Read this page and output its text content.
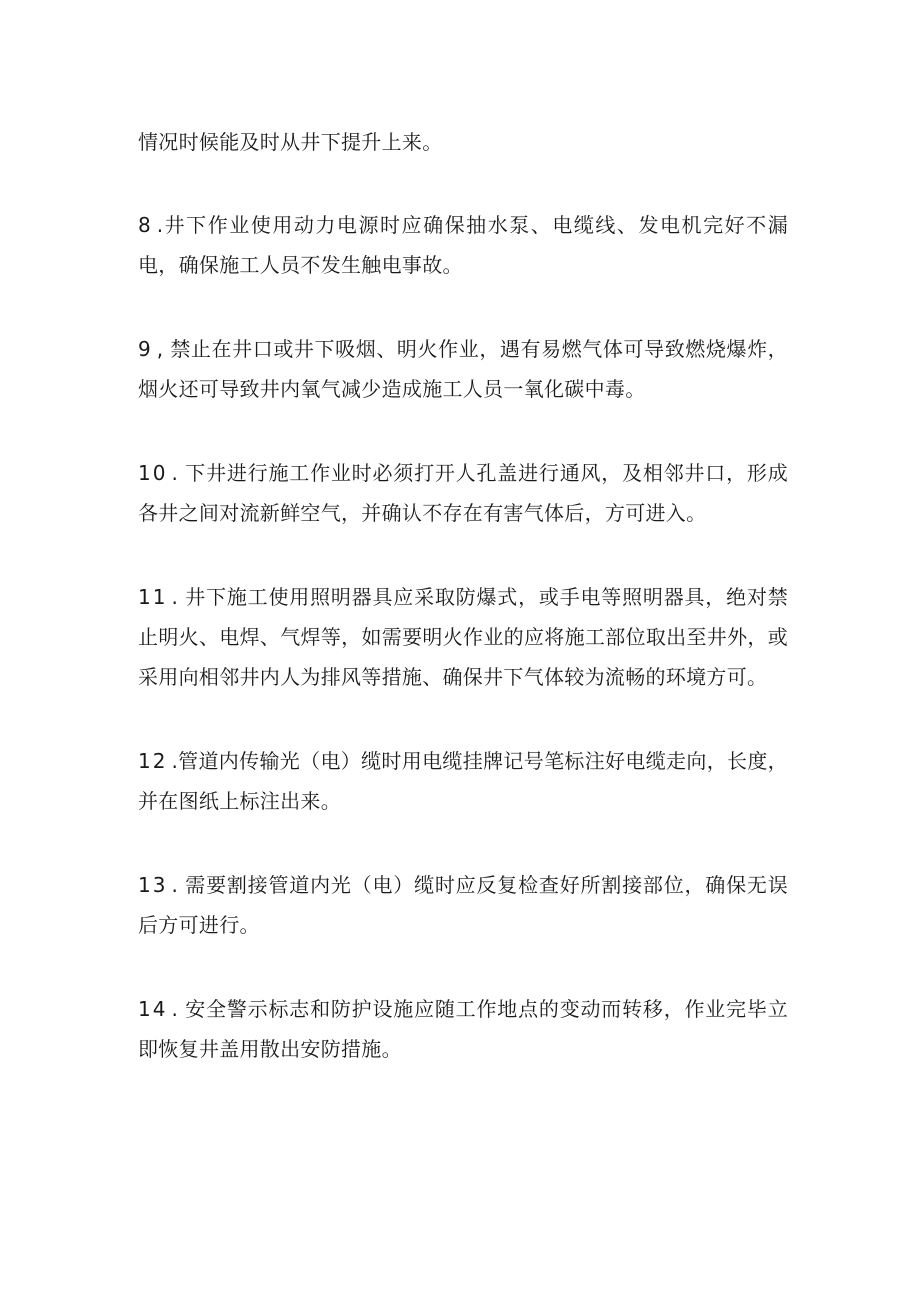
情况时候能及时从井下提升上来。

8 .井下作业使用动力电源时应确保抽水泵、电缆线、发电机完好不漏电，确保施工人员不发生触电事故。

9 , 禁止在井口或井下吸烟、明火作业，遇有易燃气体可导致燃烧爆炸，烟火还可导致井内氧气减少造成施工人员一氧化碳中毒。

10 . 下井进行施工作业时必须打开人孔盖进行通风，及相邻井口，形成各井之间对流新鲜空气，并确认不存在有害气体后，方可进入。

11 . 井下施工使用照明器具应采取防爆式，或手电等照明器具，绝对禁止明火、电焊、气焊等，如需要明火作业的应将施工部位取出至井外，或采用向相邻井内人为排风等措施、确保井下气体较为流畅的环境方可。

12 .管道内传输光（电）缆时用电缆挂牌记号笔标注好电缆走向，长度，并在图纸上标注出来。

13 . 需要割接管道内光（电）缆时应反复检查好所割接部位，确保无误后方可进行。

14 . 安全警示标志和防护设施应随工作地点的变动而转移，作业完毕立即恢复井盖用散出安防措施。
